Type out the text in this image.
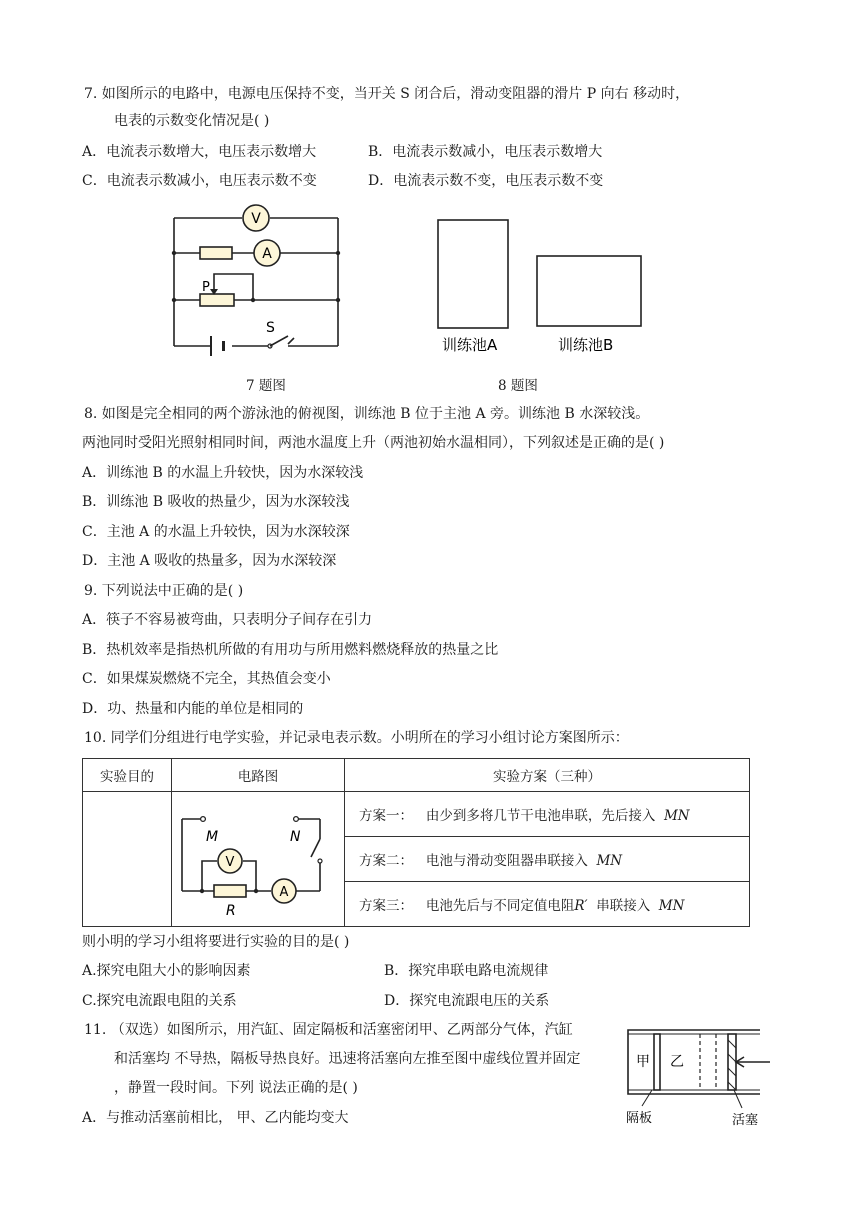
7. 如图所示的电路中，电源电压保持不变，当开关 S 闭合后，滑动变阻器的滑片 P 向右 移动时，
电表的示数变化情况是( )
A．电流表示数增大，电压表示数增大	B．电流表示数减小，电压表示数增大
C．电流表示数减小，电压表示数不变	D．电流表示数不变，电压表示数不变
V
A
P
S
训练池A	训练池B
7 题图	8 题图
8. 如图是完全相同的两个游泳池的俯视图，训练池 B 位于主池 A 旁。训练池 B 水深较浅。
两池同时受阳光照射相同时间，两池水温度上升（两池初始水温相同），下列叙述是正确的是( )
A．训练池 B 的水温上升较快，因为水深较浅
B．训练池 B 吸收的热量少，因为水深较浅
C．主池 A 的水温上升较快，因为水深较深
D．主池 A 吸收的热量多，因为水深较深
9. 下列说法中正确的是( )
A．筷子不容易被弯曲，只表明分子间存在引力
B．热机效率是指热机所做的有用功与所用燃料燃烧释放的热量之比
C．如果煤炭燃烧不完全，其热值会变小
D．功、热量和内能的单位是相同的
10. 同学们分组进行电学实验，并记录电表示数。小明所在的学习小组讨论方案图所示：
实验目的	电路图	实验方案（三种）

M N
V
A
R	方案一： 由少到多将几节干电池串联，先后接入 MN
		方案二： 电池与滑动变阻器串联接入 MN
		方案三： 电池先后与不同定值电阻R′ 串联接入 MN
则小明的学习小组将要进行实验的目的是( )
A.探究电阻大小的影响因素	B．探究串联电路电流规律
C.探究电流跟电阻的关系	D．探究电流跟电压的关系
11. （双选）如图所示，用汽缸、固定隔板和活塞密闭甲、乙两部分气体，汽缸
和活塞均 不导热，隔板导热良好。迅速将活塞向左推至图中虚线位置并固定
，静置一段时间。下列 说法正确的是( )
A．与推动活塞前相比， 甲、乙内能均变大
甲 乙
隔板	活塞
